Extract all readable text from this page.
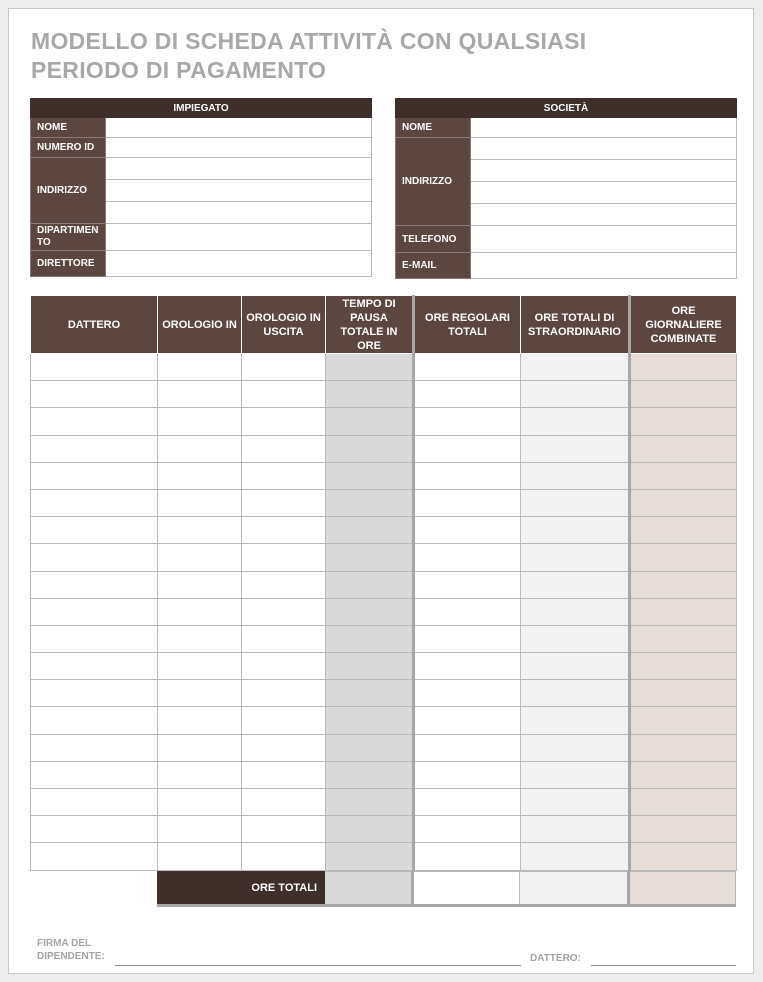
MODELLO DI SCHEDA ATTIVITÀ CON QUALSIASI
PERIODO DI PAGAMENTO
IMPIEGATO	
NOME	
NUMERO ID	
INDIRIZZO	

DIPARTIMEN TO	
DIRETTORE	
SOCIETÀ	
NOME	
INDIRIZZO	

TELEFONO	
E-MAIL	
DATTERO	OROLOGIO IN	OROLOGIO IN USCITA	TEMPO DI PAUSA TOTALE IN ORE	ORE REGOLARI TOTALI	ORE TOTALI DI STRAORDINARIO	ORE GIORNALIERE COMBINATE

ORE TOTALI				
FIRMA DEL DIPENDENTE:	DATTERO:
